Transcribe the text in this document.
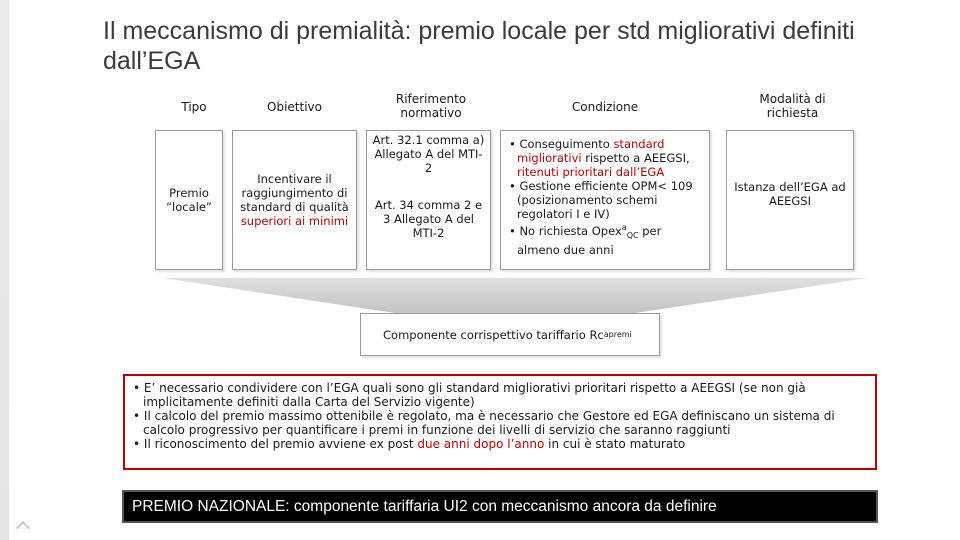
Il meccanismo di premialità: premio locale per std migliorativi definiti dall’EGA
Tipo	Obiettivo
Riferimento normativo	Condizione
Modalità di richiesta
Premio “locale”
Incentivare il raggiungimento di standard di qualità superiori ai minimi
Art. 32.1 comma a) Allegato A del MTI-2
Art. 34 comma 2 e 3 Allegato A del MTI-2
• Conseguimento standard migliorativi rispetto a AEEGSI, ritenuti prioritari dall’EGA
• Gestione efficiente OPM< 109 (posizionamento schemi regolatori I e IV)
• No richiesta Opex$^a_{QC}$ per almeno due anni
Istanza dell’EGA ad AEEGSI
Componente corrispettivo tariffario Rc a premi
• E’ necessario condividere con l’EGA quali sono gli standard migliorativi prioritari rispetto a AEEGSI (se non già implicitamente definiti dalla Carta del Servizio vigente)
• Il calcolo del premio massimo ottenibile è regolato, ma è necessario che Gestore ed EGA definiscano un sistema di calcolo progressivo per quantificare i premi in funzione dei livelli di servizio che saranno raggiunti
• Il riconoscimento del premio avviene ex post due anni dopo l’anno in cui è stato maturato
PREMIO NAZIONALE: componente tariffaria UI2 con meccanismo ancora da definire
